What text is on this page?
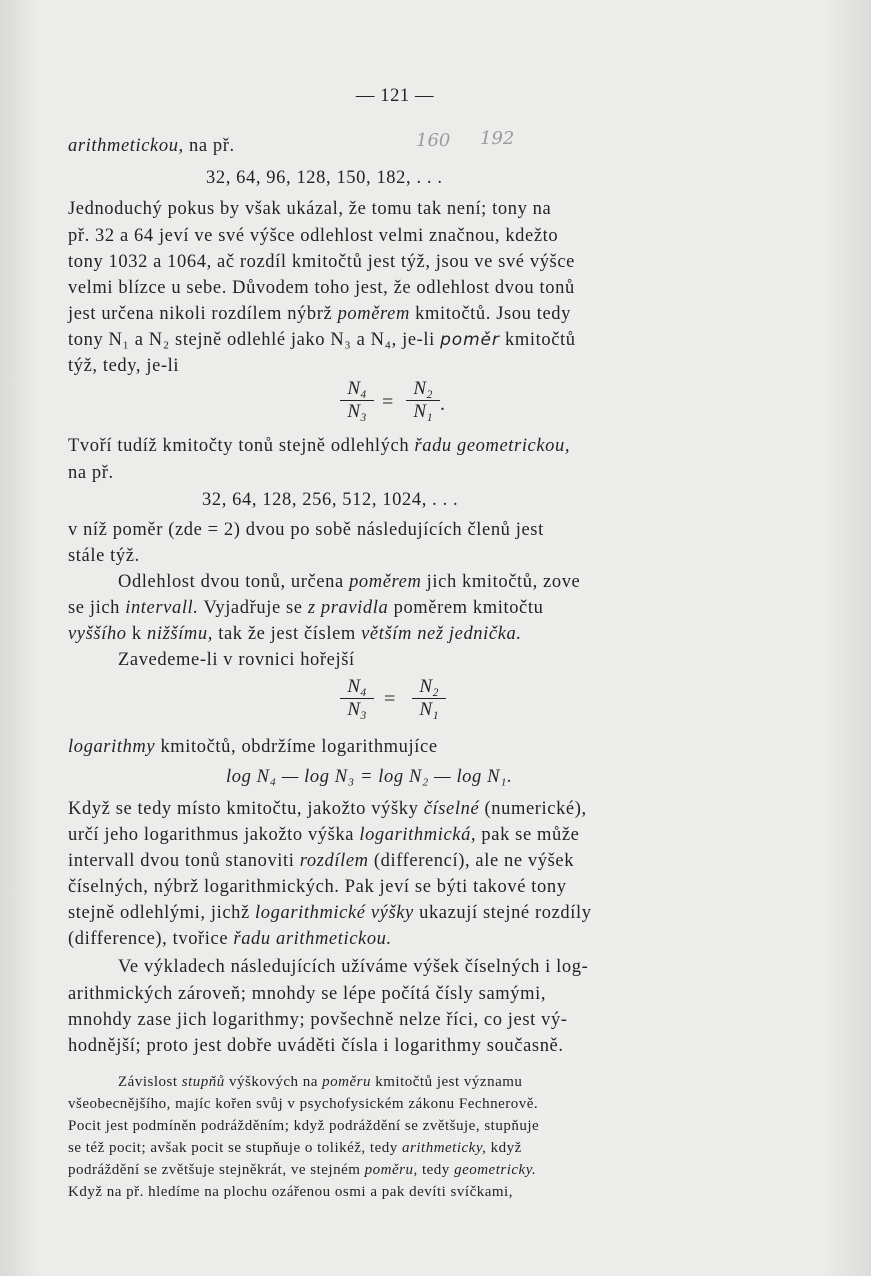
— 121 —
160 192
arithmeticko​u, na př.
32, 64, 96, 128, 150, 182, . . .
Jednoduchý pokus by však ukázal, že tomu tak není; tony na
př. 32 a 64 jeví ve své výšce odlehlost velmi značnou, kdežto
tony 1032 a 1064, ač rozdíl kmitočtů jest týž, jsou ve své výšce
velmi blízce u sebe. Důvodem toho jest, že odlehlost dvou tonů
jest určena nikoli rozdílem nýbrž poměrem kmitočtů. Jsou tedy
tony N₁ a N₂ stejně odlehlé jako N₃ a N₄, je-li poměr kmitočtů
týž, tedy, je-li
N₄
N₃ =
N₂
N₁ .
Tvoří tudíž kmitočty tonů stejně odlehlých řadu geometrickou,
na př.
32, 64, 128, 256, 512, 1024, . . .
v níž poměr (zde = 2) dvou po sobě následujících členů jest
stále týž.
Odlehlost dvou tonů, určena poměrem jich kmitočtů, zove
se jich intervall. Vyjadřuje se z pravidla poměrem kmitočtu
vyššího k nižšímu, tak že jest číslem větším než jednička.
Zavedeme-li v rovnici hořejší
N₄
N₃ =
N₂
N₁
logarithmy kmitočtů, obdržíme logarithmujíce
log N₄ — log N₃ = log N₂ — log N₁.
Když se tedy místo kmitočtu, jakožto výšky číselné (numerické),
určí jeho logarithmus jakožto výška logarithmická, pak se může
intervall dvou tonů stanoviti rozdílem (differencí), ale ne výšek
číselných, nýbrž logarithmických. Pak jeví se býti takové tony
stejně odlehlými, jichž logarithmické výšky ukazují stejné rozdíly
(difference), tvořice řadu arithmetickou.
Ve výkladech následujících užíváme výšek číselných i log-
arithmických zároveň; mnohdy se lépe počítá čísly samými,
mnohdy zase jich logarithmy; povšechně nelze říci, co jest vý-
hodnější; proto jest dobře uváděti čísla i logarithmy současně.
Závislost stupňů výškových na poměru kmitočtů jest významu
všeobecnějšího, majíc kořen svůj v psychofysickém zákonu Fechnerově.
Pocit jest podmíněn podrážděním; když podráždění se zvětšuje, stupňuje
se též pocit; avšak pocit se stupňuje o tolikéž, tedy arithmeticky, když
podráždění se zvětšuje stejněkrát, ve stejném poměru, tedy geometricky.
Když na př. hledíme na plochu ozářenou osmi a pak devíti svíčkami,
